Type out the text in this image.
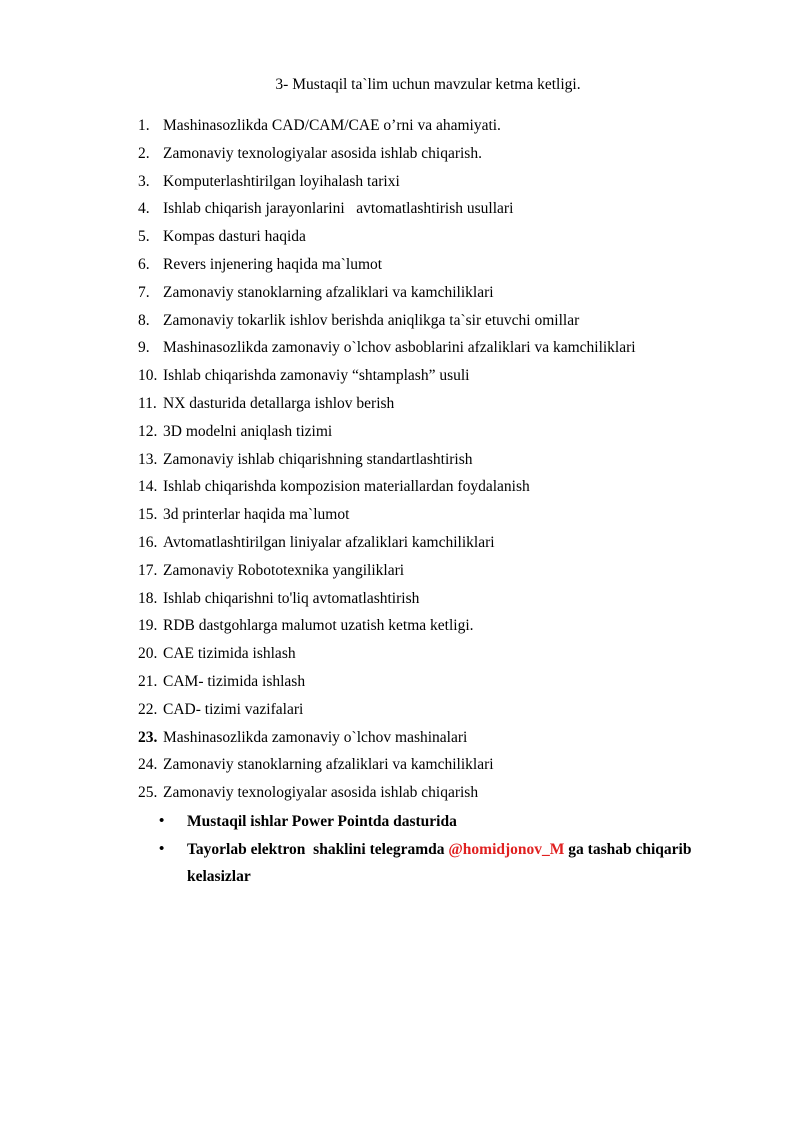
3- Mustaqil ta`lim uchun mavzular ketma ketligi.

1. Mashinasozlikda CAD/CAM/CAE o’rni va ahamiyati.
2. Zamonaviy texnologiyalar asosida ishlab chiqarish.
3. Komputerlashtirilgan loyihalash tarixi
4. Ishlab chiqarish jarayonlarini   avtomatlashtirish usullari
5. Kompas dasturi haqida
6. Revers injenering haqida ma`lumot
7. Zamonaviy stanoklarning afzaliklari va kamchiliklari
8. Zamonaviy tokarlik ishlov berishda aniqlikga ta`sir etuvchi omillar
9. Mashinasozlikda zamonaviy o`lchov asboblarini afzaliklari va kamchiliklari
10. Ishlab chiqarishda zamonaviy “shtamplash” usuli
11. NX dasturida detallarga ishlov berish
12. 3D modelni aniqlash tizimi
13. Zamonaviy ishlab chiqarishning standartlashtirish
14. Ishlab chiqarishda kompozision materiallardan foydalanish
15. 3d printerlar haqida ma`lumot
16. Avtomatlashtirilgan liniyalar afzaliklari kamchiliklari
17. Zamonaviy Robototexnika yangiliklari
18. Ishlab chiqarishni to'liq avtomatlashtirish
19. RDB dastgohlarga malumot uzatish ketma ketligi.
20. CAE tizimida ishlash
21. CAM- tizimida ishlash
22. CAD- tizimi vazifalari
23. Mashinasozlikda zamonaviy o`lchov mashinalari
24. Zamonaviy stanoklarning afzaliklari va kamchiliklari
25. Zamonaviy texnologiyalar asosida ishlab chiqarish
• Mustaqil ishlar Power Pointda dasturida
• Tayorlab elektron  shaklini telegramda @homidjonov_M ga tashab chiqarib
kelasizlar
